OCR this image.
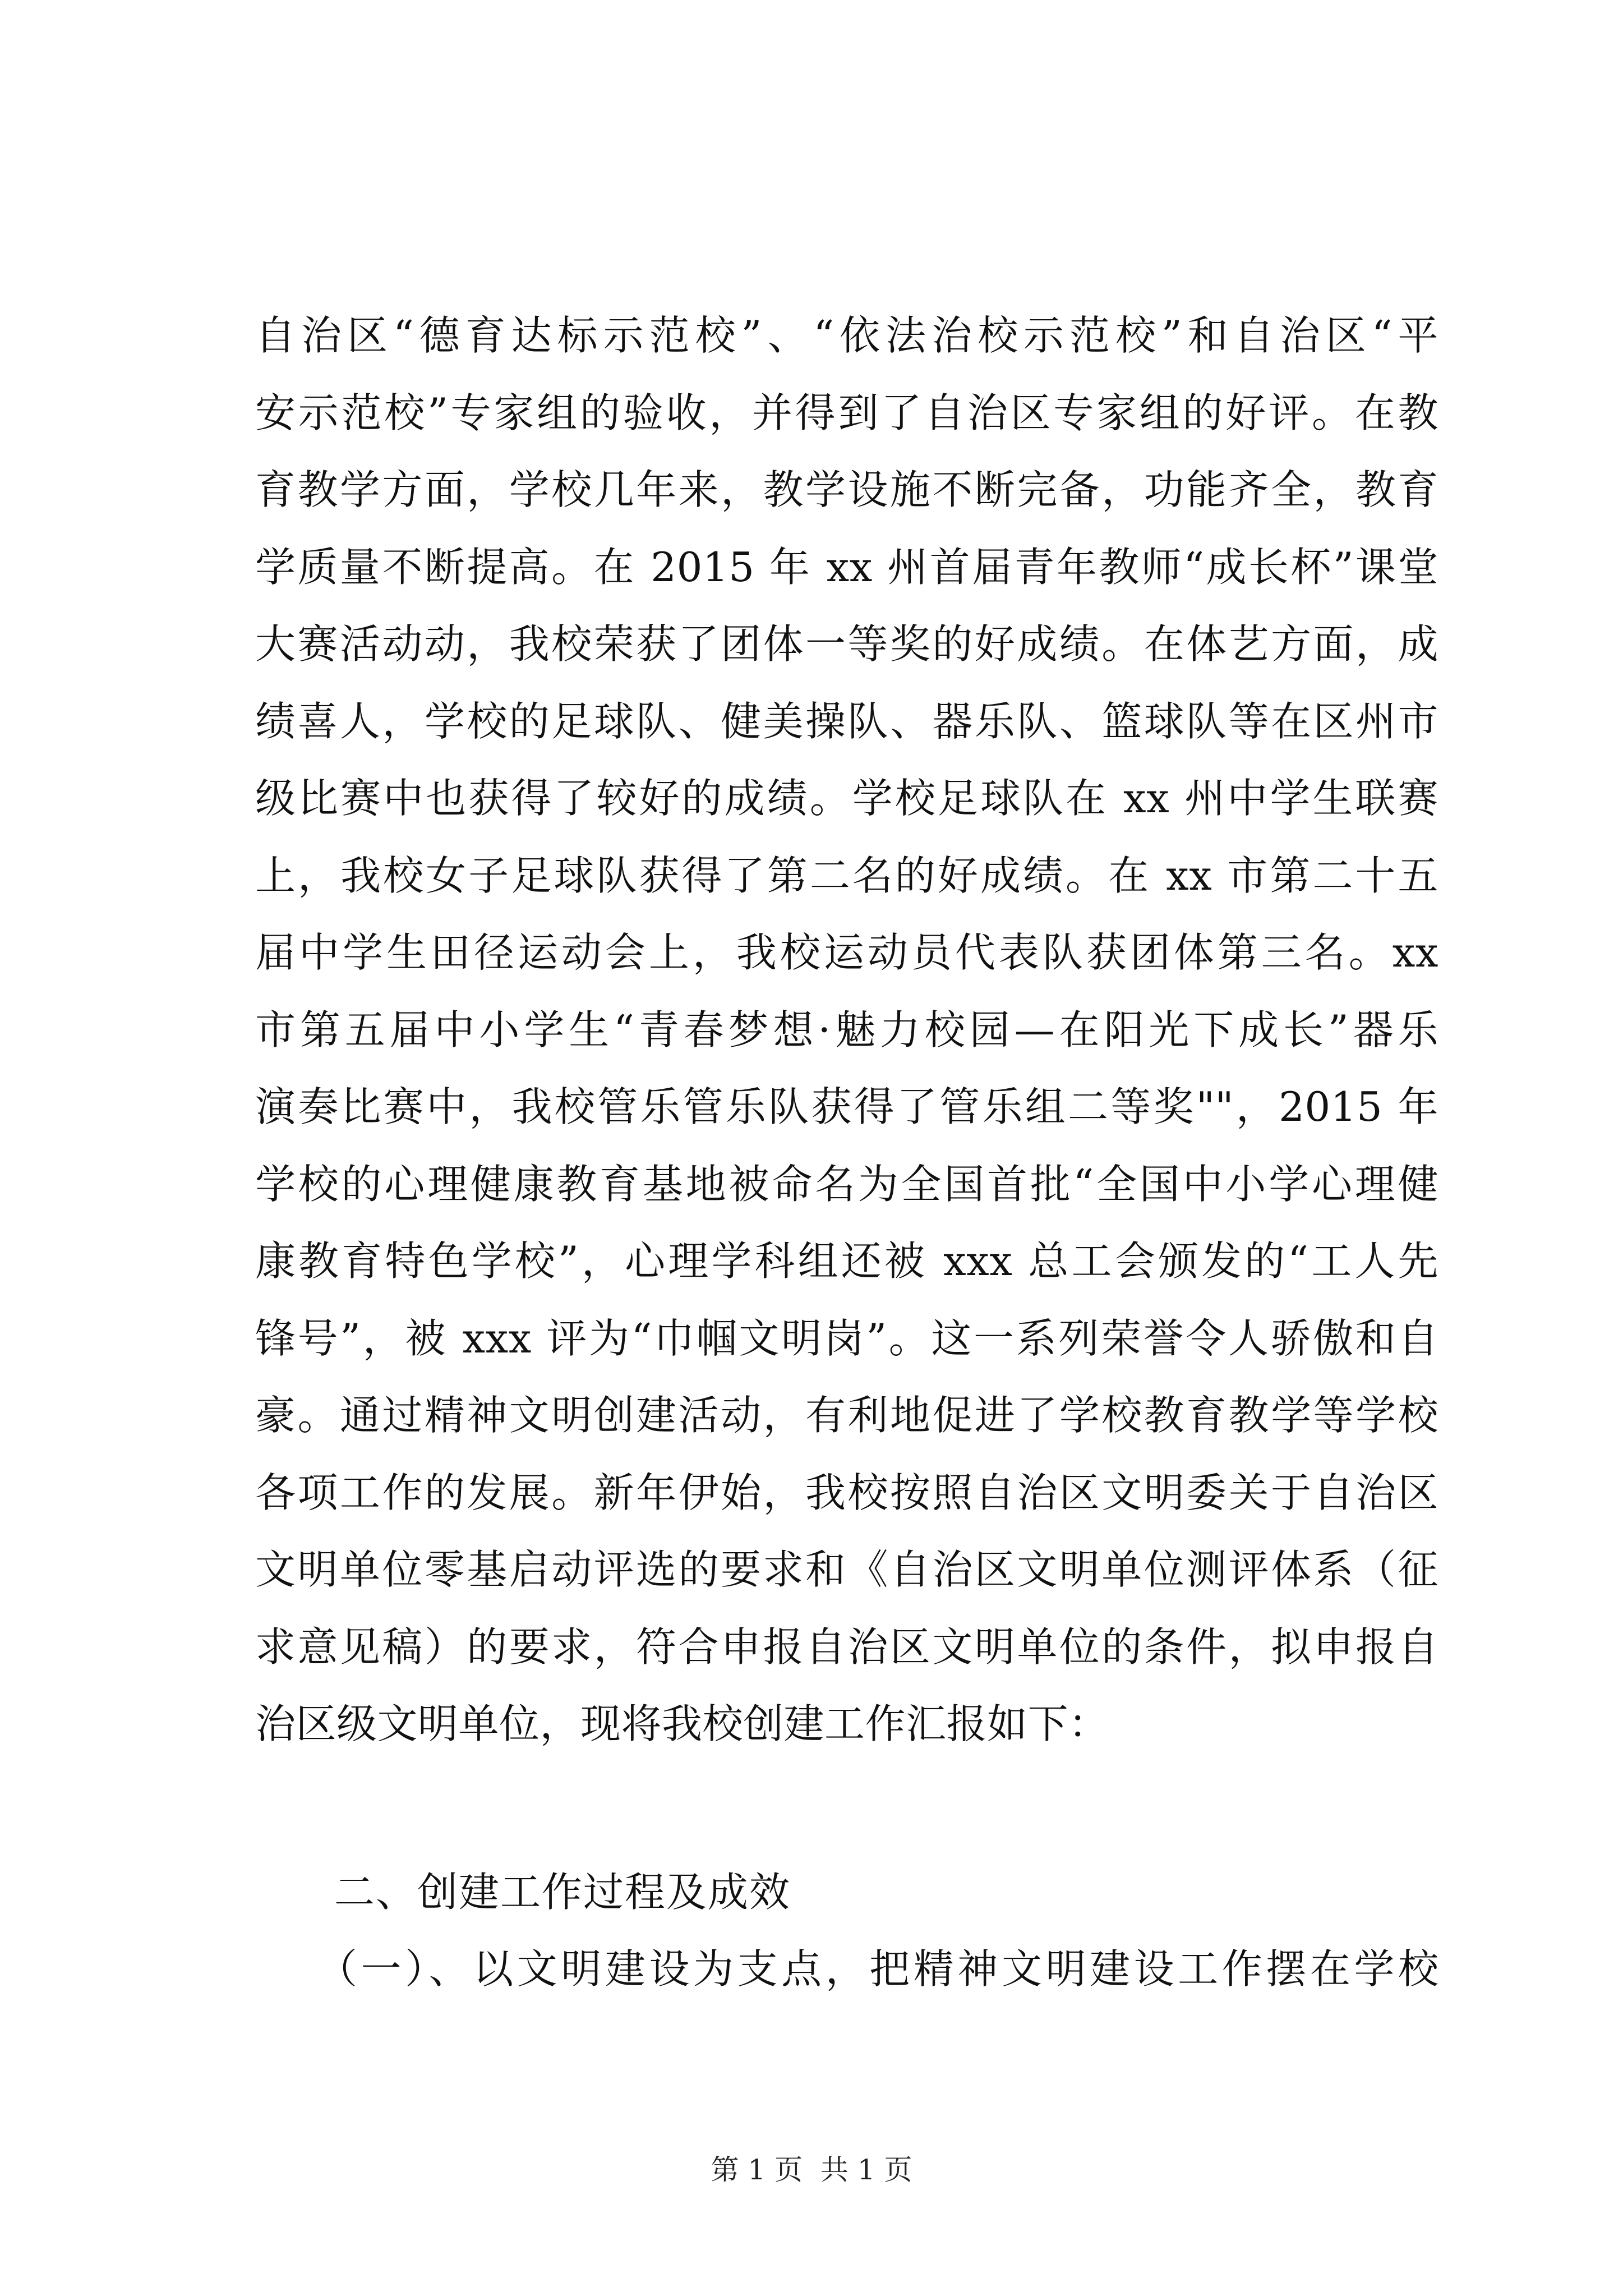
自治区“德育达标示范校”、“依法治校示范校”和自治区“平
安示范校”专家组的验收，并得到了自治区专家组的好评。在教
育教学方面，学校几年来，教学设施不断完备，功能齐全，教育
学质量不断提高。在 2015 年 xx 州首届青年教师“成长杯”课堂
大赛活动动，我校荣获了团体一等奖的好成绩。在体艺方面，成
绩喜人，学校的足球队、健美操队、器乐队、篮球队等在区州市
级比赛中也获得了较好的成绩。学校足球队在 xx 州中学生联赛
上，我校女子足球队获得了第二名的好成绩。在 xx 市第二十五
届中学生田径运动会上，我校运动员代表队获团体第三名。xx
市第五届中小学生“青春梦想·魅力校园—在阳光下成长”器乐
演奏比赛中，我校管乐管乐队获得了管乐组二等奖""，2015 年
学校的心理健康教育基地被命名为全国首批“全国中小学心理健
康教育特色学校”，心理学科组还被 xxx 总工会颁发的“工人先
锋号”，被 xxx 评为“巾帼文明岗”。这一系列荣誉令人骄傲和自
豪。通过精神文明创建活动，有利地促进了学校教育教学等学校
各项工作的发展。新年伊始，我校按照自治区文明委关于自治区
文明单位零基启动评选的要求和《自治区文明单位测评体系（征
求意见稿）的要求，符合申报自治区文明单位的条件，拟申报自
治区级文明单位，现将我校创建工作汇报如下：
二、创建工作过程及成效
（一）、以文明建设为支点，把精神文明建设工作摆在学校
第 1 页  共 1 页
